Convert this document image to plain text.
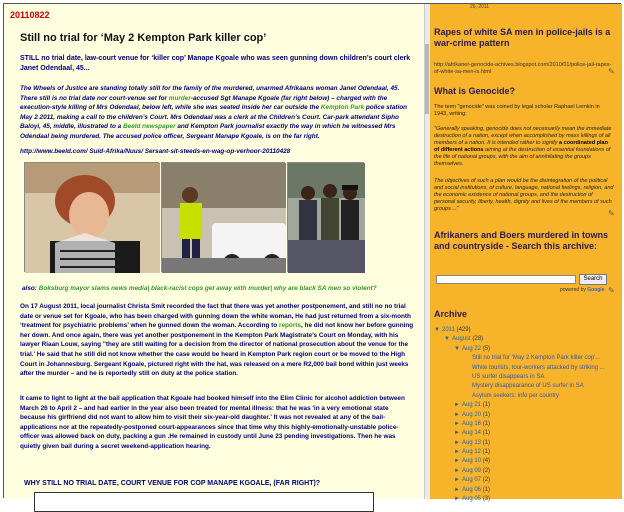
20110822
Still no trial for ‘May 2 Kempton Park killer cop’
STILL no trial date, law-court venue for ‘killer cop’ Manape Kgoale who was seen gunning down children’s court clerk Janet Odendaal, 45...
The Wheels of Justice are standing totally still for the family of the murdered, unarmed Afrikaans woman Janet Odendaal, 45. There still is no trial date nor court-venue set for murder-accused Sgt Manape Kgoale (far right below) – charged with the execution-style killing of Mrs Odendaal, below left, while she was seated inside her car outside the Kempton Park police station May 2 2011, making a call to the children’s Court. Mrs Odendaal was a clerk at the Children’s Court. Car-park attendant Sipho Baloyi, 45, middle, illustrated to a Beeld newspaper and Kempton Park journalist exactly the way in which he witnessed Mrs Odendaal being murdered. The accused police officer, Sergeant Manape Kgoale, is on the far right.
http://www.beeld.com/ Suid-Afrika/Nuus/ Sersant-sit-steeds-en-wag-op-verhoor-20110428
also: Boksburg mayor slams news media| black-racist cops get away with murder| why are black SA men so violent?
On 17 August 2011, local journalist Christa Smit recorded the fact that there was yet another postponement, and still no no trial date or venue set for Kgoale, who has been charged with gunning down the white woman, He had just returned from a six-month ‘treatment for psychiatric problems’ when he gunned down the woman. According to reports, he did not know her before gunning her down. And once again, there was yet another postponement in the Kempton Park Magistrate’s Court on Monday, with his lawyer Riaan Louw, saying "they are still waiting for a decision from the director of national prosecution about the venue for the trial.' He said that he still did not know whether the case would be heard in Kempton Park region court or be moved to the High Court in Johannesburg. Sergeant Kgoale, pictured right with the hat, was released on a mere R2,000 bail bond within just weeks after the murder – and he is reportedly still on duty at the police station.
It came to light to light at the bail application that Kgoale had booked himself into the Elim Clinic for alcohol addiction between March 26 to April 2 – and had earlier in the year also been treated for mental illness: that he was 'in a very emotional state because his girlfriend did not want to allow him to visit their six-year-old daughter.' It was not revealed at any of the bail-applications nor at the repeatedly-postponed court-appearances since that time why this highly-emotionally-unstable police-officer was allowed back on duty, packing a gun .He remained in custody until June 23 pending investigations. Then he was quietly given bail during a secret weekend-application hearing.
WHY STILL NO TRIAL DATE, COURT VENUE FOR COP MANAPE KGOALE, (FAR RIGHT)?
26, 2011
Rapes of white SA men in police-jails is a war-crime pattern
http://afrikaner-genocide-achives.blogspot.com/2010/01/police-jail-rapes-of-white-sa-men-is.html	✎
What is Genocide?
The term "genocide" was coined by legal scholar Raphael Lemkin in 1943, writing:
"Generally speaking, genocide does not necessarily mean the immediate destruction of a nation, except when accomplished by mass killings of all members of a nation. It is intended rather to signify a coordinated plan of different actions aiming at the destruction of essential foundations of the life of national groups, with the aim of annihilating the groups themselves.
The objectives of such a plan would be the disintegration of the political and social institutions, of culture, language, national feelings, religion, and the economic existence of national groups, and the destruction of personal security, liberty, health, dignity and lives of the members of such groups ..."	✎
Afrikaners and Boers murdered in towns and countryside - Search this archive:
Search
powered by Google ✎
Archive
▼ 2011 (429)
▼ August (28)
▼ Aug 22 (5)
Still no trial for 'May 2 Kempton Park killer cop'...
White tourists, tour-workers attacked by striking ...
US surfer disappears in SA
Mystery disappearance of US surfer in SA
Asylum seekers: info per country
► Aug 21 (1)
► Aug 20 (1)
► Aug 16 (1)
► Aug 14 (1)
► Aug 13 (1)
► Aug 12 (1)
► Aug 10 (4)
► Aug 09 (2)
► Aug 07 (2)
► Aug 06 (1)
► Aug 05 (3)
